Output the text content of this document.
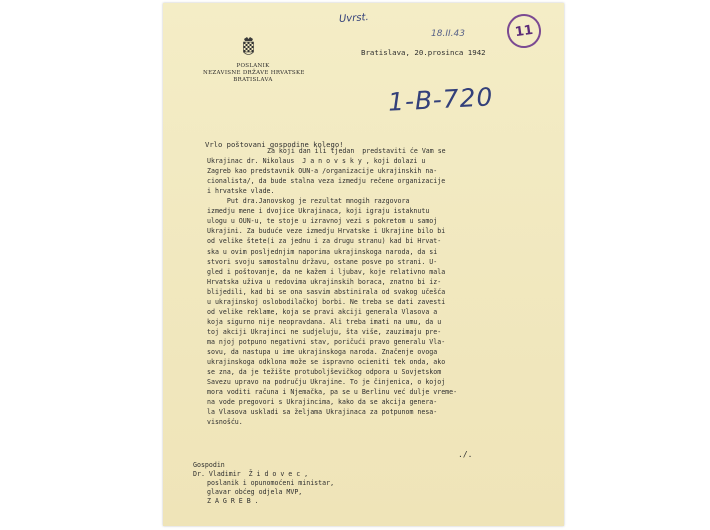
POSLANIK
NEZAVISNE DRŽAVE HRVATSKE
BRATISLAVA
Uvrst.
18.II.43	11
1-B-720
Bratislava, 20.prosinca 1942
Vrlo poštovani gospodine kolego!
Za koji dan ili tjedan  predstaviti će Vam se
Ukrajinac dr. Nikolaus  J a n o v s k y , koji dolazi u
Zagreb kao predstavnik OUN-a /organizacije ukrajinskih na-
cionalista/, da bude stalna veza izmedju rečene organizacije
i hrvatske vlade.
Put dra.Janovskog je rezultat mnogih razgovora
izmedju mene i dvojice Ukrajinaca, koji igraju istaknutu
ulogu u OUN-u, te stoje u izravnoj vezi s pokretom u samoj
Ukrajini. Za buduće veze izmedju Hrvatske i Ukrajine bilo bi
od velike štete(i za jednu i za drugu stranu) kad bi Hrvat-
ska u ovim posljednjim naporima ukrajinskoga naroda, da si
stvori svoju samostalnu državu, ostane posve po strani. U-
gled i poštovanje, da ne kažem i ljubav, koje relativno mala
Hrvatska uživa u redovima ukrajinskih boraca, znatno bi iz-
blijedili, kad bi se ona sasvim abstinirala od svakog učešća
u ukrajinskoj oslobodilačkoj borbi. Ne treba se dati zavesti
od velike reklame, koja se pravi akciji generala Vlasova a
koja sigurno nije neopravdana. Ali treba imati na umu, da u
toj akciji Ukrajinci ne sudjeluju, šta više, zauzimaju pre-
ma njoj potpuno negativni stav, poričući pravo generalu Vla-
sovu, da nastupa u ime ukrajinskoga naroda. Značenje ovoga
ukrajinskoga odklona može se ispravno ocieniti tek onda, ako
se zna, da je težište protuboljševičkog odpora u Sovjetskom
Savezu upravo na području Ukrajine. To je činjenica, o kojoj
mora voditi računa i Njemačka, pa se u Berlinu već dulje vreme-
na vode pregovori s Ukrajincima, kako da se akcija genera-
la Vlasova uskladi sa željama Ukrajinaca za potpunom nesa-
visnošću.
./.
Gospodin
Dr. Vladimir  Ž i d o v e c ,
poslanik i opunomoćeni ministar,
glavar obćeg odjela MVP,
Z A G R E B .
